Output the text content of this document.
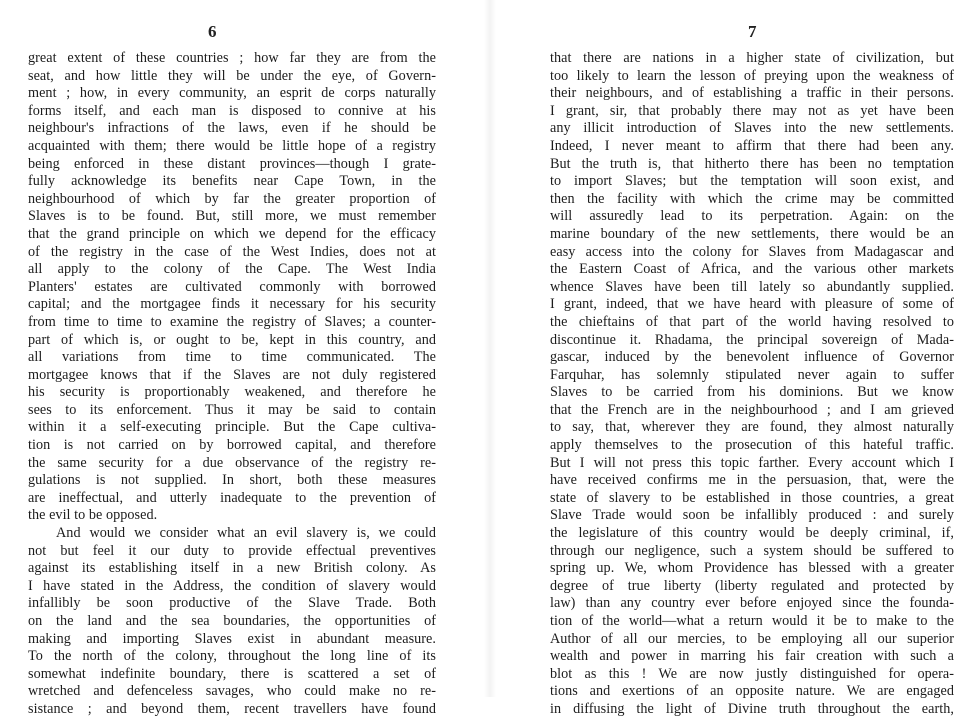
6
great extent of these countries ; how far they are from the
seat, and how little they will be under the eye, of Govern-
ment ; how, in every community, an esprit de corps naturally
forms itself, and each man is disposed to connive at his
neighbour's infractions of the laws, even if he should be
acquainted with them; there would be little hope of a registry
being enforced in these distant provinces—though I grate-
fully acknowledge its benefits near Cape Town, in the
neighbourhood of which by far the greater proportion of
Slaves is to be found. But, still more, we must remember
that the grand principle on which we depend for the efficacy
of the registry in the case of the West Indies, does not at
all apply to the colony of the Cape. The West India
Planters' estates are cultivated commonly with borrowed
capital; and the mortgagee finds it necessary for his security
from time to time to examine the registry of Slaves; a counter-
part of which is, or ought to be, kept in this country, and
all variations from time to time communicated. The
mortgagee knows that if the Slaves are not duly registered
his security is proportionably weakened, and therefore he
sees to its enforcement. Thus it may be said to contain
within it a self-executing principle. But the Cape cultiva-
tion is not carried on by borrowed capital, and therefore
the same security for a due observance of the registry re-
gulations is not supplied. In short, both these measures
are ineffectual, and utterly inadequate to the prevention of
the evil to be opposed.
And would we consider what an evil slavery is, we could
not but feel it our duty to provide effectual preventives
against its establishing itself in a new British colony. As
I have stated in the Address, the condition of slavery would
infallibly be soon productive of the Slave Trade. Both
on the land and the sea boundaries, the opportunities of
making and importing Slaves exist in abundant measure.
To the north of the colony, throughout the long line of its
somewhat indefinite boundary, there is scattered a set of
wretched and defenceless savages, who could make no re-
sistance ; and beyond them, recent travellers have found
7
that there are nations in a higher state of civilization, but
too likely to learn the lesson of preying upon the weakness of
their neighbours, and of establishing a traffic in their persons.
I grant, sir, that probably there may not as yet have been
any illicit introduction of Slaves into the new settlements.
Indeed, I never meant to affirm that there had been any.
But the truth is, that hitherto there has been no temptation
to import Slaves; but the temptation will soon exist, and
then the facility with which the crime may be committed
will assuredly lead to its perpetration. Again: on the
marine boundary of the new settlements, there would be an
easy access into the colony for Slaves from Madagascar and
the Eastern Coast of Africa, and the various other markets
whence Slaves have been till lately so abundantly supplied.
I grant, indeed, that we have heard with pleasure of some of
the chieftains of that part of the world having resolved to
discontinue it. Rhadama, the principal sovereign of Mada-
gascar, induced by the benevolent influence of Governor
Farquhar, has solemnly stipulated never again to suffer
Slaves to be carried from his dominions. But we know
that the French are in the neighbourhood ; and I am grieved
to say, that, wherever they are found, they almost naturally
apply themselves to the prosecution of this hateful traffic.
But I will not press this topic farther. Every account which I
have received confirms me in the persuasion, that, were the
state of slavery to be established in those countries, a great
Slave Trade would soon be infallibly produced : and surely
the legislature of this country would be deeply criminal, if,
through our negligence, such a system should be suffered to
spring up. We, whom Providence has blessed with a greater
degree of true liberty (liberty regulated and protected by
law) than any country ever before enjoyed since the founda-
tion of the world—what a return would it be to make to the
Author of all our mercies, to be employing all our superior
wealth and power in marring his fair creation with such a
blot as this ! We are now justly distinguished for opera-
tions and exertions of an opposite nature. We are engaged
in diffusing the light of Divine truth throughout the earth,
